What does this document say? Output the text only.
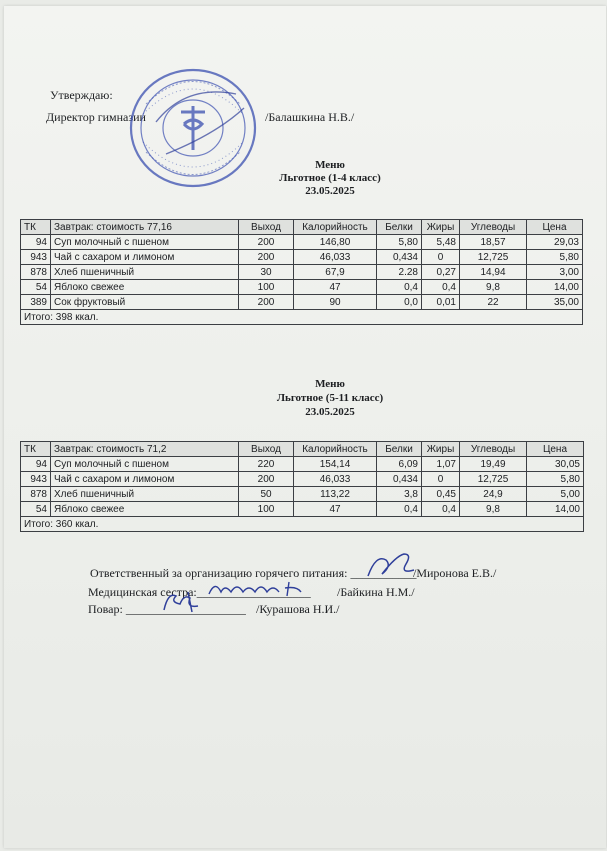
Утверждаю:
Директор гимназии	/Балашкина Н.В./
Меню
Льготное (1-4 класс)
23.05.2025
ТК	Завтрак: стоимость 77,16	Выход	Калорийность	Белки	Жиры	Углеводы	Цена
94	Суп молочный с пшеном	200	146,80	5,80	5,48	18,57	29,03
943	Чай с сахаром и лимоном	200	46,033	0,434	0	12,725	5,80
878	Хлеб пшеничный	30	67,9	2.28	0,27	14,94	3,00
54	Яблоко свежее	100	47	0,4	0,4	9,8	14,00
389	Сок фруктовый	200	90	0,0	0,01	22	35,00
Итого: 398 ккал.							
Меню
Льготное (5-11 класс)
23.05.2025
ТК	Завтрак: стоимость 71,2	Выход	Калорийность	Белки	Жиры	Углеводы	Цена
94	Суп молочный с пшеном	220	154,14	6,09	1,07	19,49	30,05
943	Чай с сахаром и лимоном	200	46,033	0,434	0	12,725	5,80
878	Хлеб пшеничный	50	113,22	3,8	0,45	24,9	5,00
54	Яблоко свежее	100	47	0,4	0,4	9,8	14,00
Итого: 360 ккал.							
Ответственный за организацию горячего питания: ___________
/Миронова Е.В./
Медицинская сестра:___________________ /Байкина Н.М./
Повар: ____________________ /Курашова Н.И./
